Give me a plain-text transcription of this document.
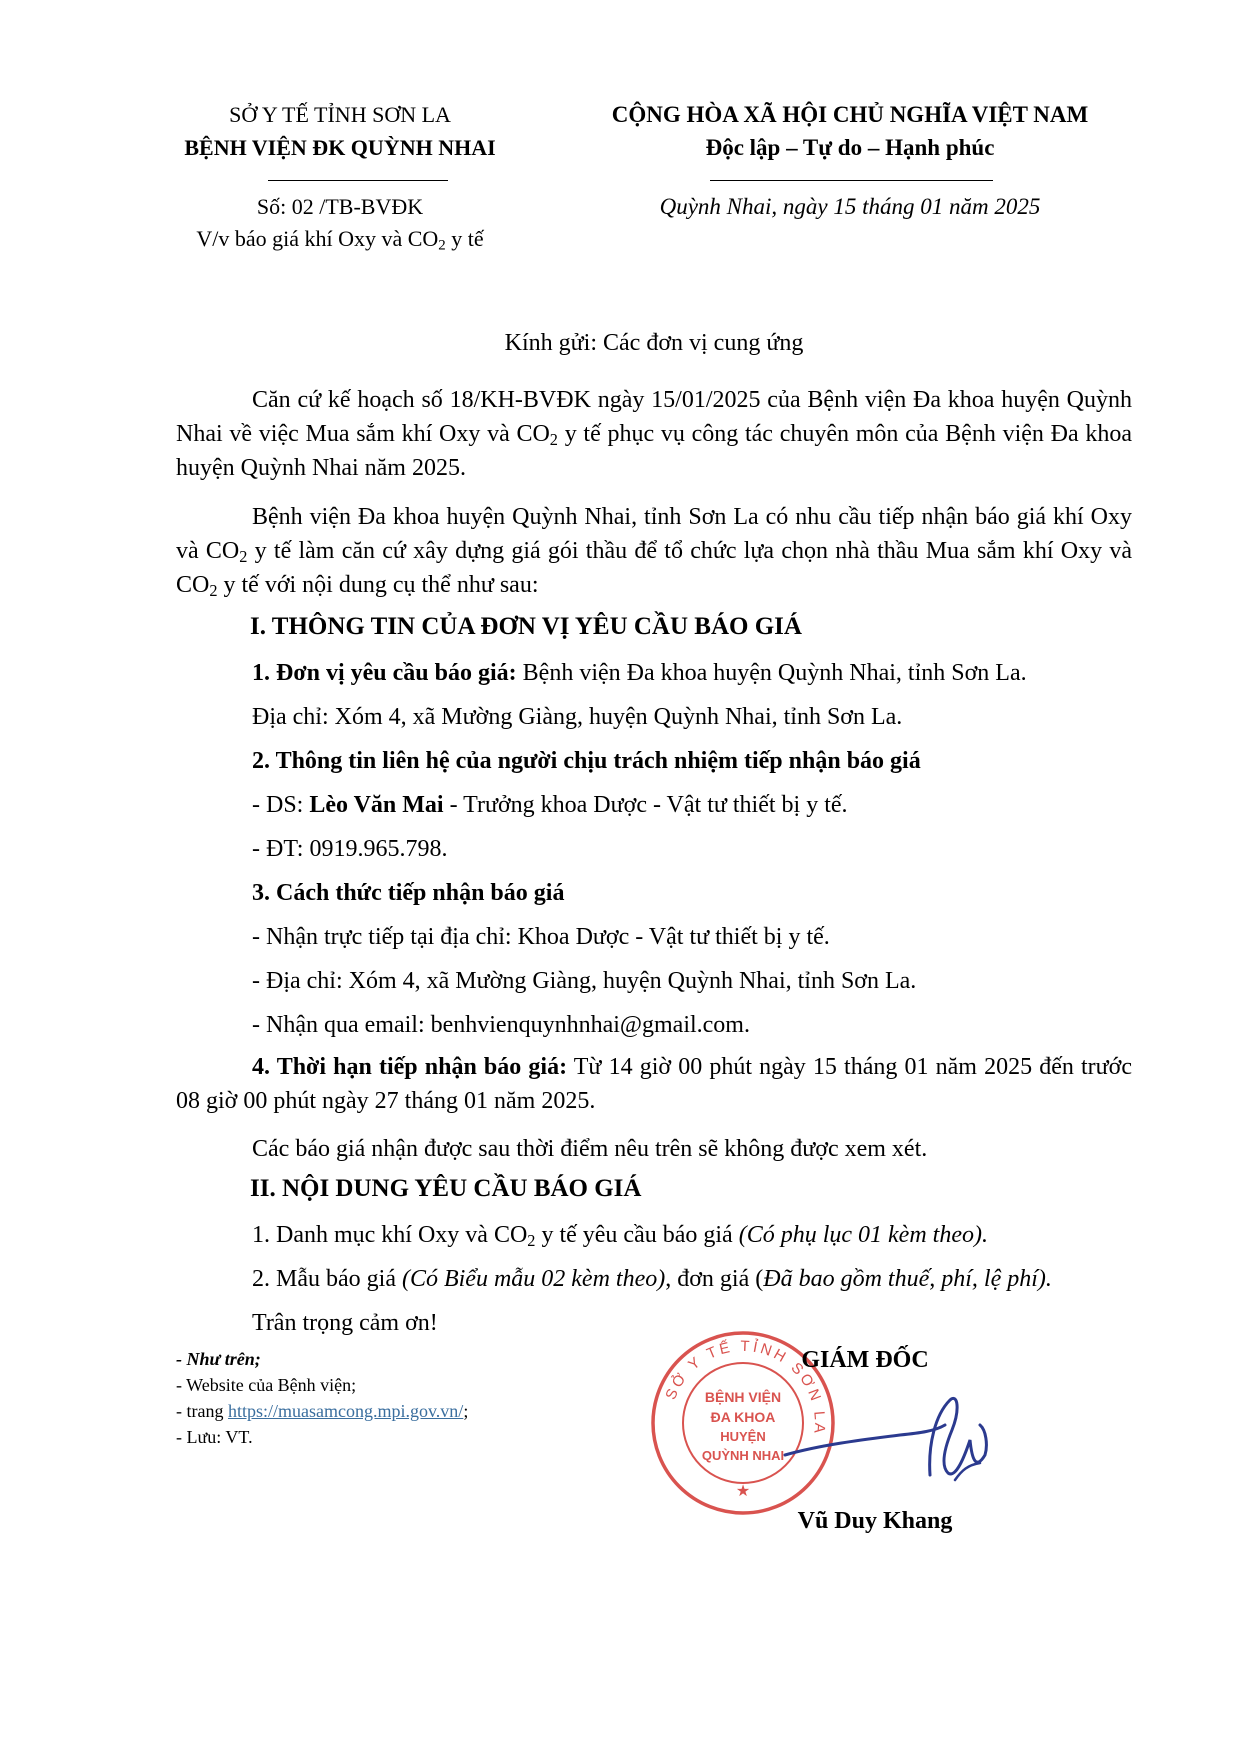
SỞ Y TẾ TỈNH SƠN LA
BỆNH VIỆN ĐK QUỲNH NHAI
Số: 02 /TB-BVĐK
V/v báo giá khí Oxy và $CO_2$ y tế
CỘNG HÒA XÃ HỘI CHỦ NGHĨA VIỆT NAM
Độc lập – Tự do – Hạnh phúc
Quỳnh Nhai, ngày 15 tháng 01 năm 2025
Kính gửi: Các đơn vị cung ứng
Căn cứ kế hoạch số 18/KH-BVĐK ngày 15/01/2025 của Bệnh viện Đa khoa huyện Quỳnh Nhai về việc Mua sắm khí Oxy và $CO_2$ y tế phục vụ công tác chuyên môn của Bệnh viện Đa khoa huyện Quỳnh Nhai năm 2025.
Bệnh viện Đa khoa huyện Quỳnh Nhai, tỉnh Sơn La có nhu cầu tiếp nhận báo giá khí Oxy và $CO_2$ y tế làm căn cứ xây dựng giá gói thầu để tổ chức lựa chọn nhà thầu Mua sắm khí Oxy và $CO_2$ y tế với nội dung cụ thể như sau:
I. THÔNG TIN CỦA ĐƠN VỊ YÊU CẦU BÁO GIÁ
1. Đơn vị yêu cầu báo giá: Bệnh viện Đa khoa huyện Quỳnh Nhai, tỉnh Sơn La.
Địa chỉ: Xóm 4, xã Mường Giàng, huyện Quỳnh Nhai, tỉnh Sơn La.
2. Thông tin liên hệ của người chịu trách nhiệm tiếp nhận báo giá
- DS: Lèo Văn Mai - Trưởng khoa Dược - Vật tư thiết bị y tế.
- ĐT: 0919.965.798.
3. Cách thức tiếp nhận báo giá
- Nhận trực tiếp tại địa chỉ: Khoa Dược - Vật tư thiết bị y tế.
- Địa chỉ: Xóm 4, xã Mường Giàng, huyện Quỳnh Nhai, tỉnh Sơn La.
- Nhận qua email: benhvienquynhnhai@gmail.com.
4. Thời hạn tiếp nhận báo giá: Từ 14 giờ 00 phút ngày 15 tháng 01 năm 2025 đến trước 08 giờ 00 phút ngày 27 tháng 01 năm 2025.
Các báo giá nhận được sau thời điểm nêu trên sẽ không được xem xét.
II. NỘI DUNG YÊU CẦU BÁO GIÁ
1. Danh mục khí Oxy và $CO_2$ y tế yêu cầu báo giá (Có phụ lục 01 kèm theo).
2. Mẫu báo giá (Có Biểu mẫu 02 kèm theo), đơn giá (Đã bao gồm thuế, phí, lệ phí).
Trân trọng cảm ơn!
- Như trên;
- Website của Bệnh viện;
- trang https://muasamcong.mpi.gov.vn/;
- Lưu: VT.
SỞ Y TẾ TỈNH SƠN LA
BỆNH VIỆN
ĐA KHOA
HUYỆN
QUỲNH NHAI
★
GIÁM ĐỐC
Vũ Duy Khang
